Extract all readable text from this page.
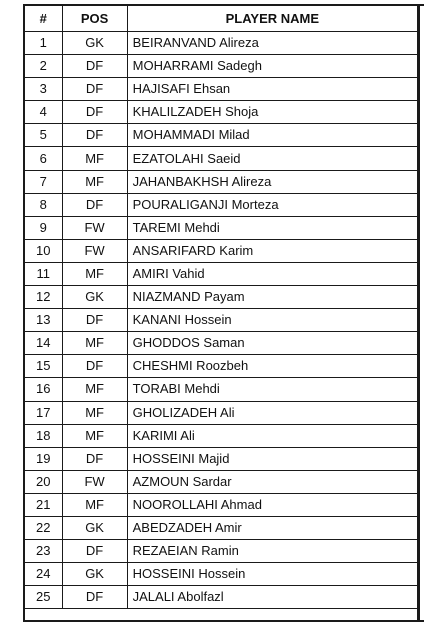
#	POS	PLAYER NAME
1	GK	BEIRANVAND Alireza
2	DF	MOHARRAMI Sadegh
3	DF	HAJISAFI Ehsan
4	DF	KHALILZADEH Shoja
5	DF	MOHAMMADI Milad
6	MF	EZATOLAHI Saeid
7	MF	JAHANBAKHSH Alireza
8	DF	POURALIGANJI Morteza
9	FW	TAREMI Mehdi
10	FW	ANSARIFARD Karim
11	MF	AMIRI Vahid
12	GK	NIAZMAND Payam
13	DF	KANANI Hossein
14	MF	GHODDOS Saman
15	DF	CHESHMI Roozbeh
16	MF	TORABI Mehdi
17	MF	GHOLIZADEH Ali
18	MF	KARIMI Ali
19	DF	HOSSEINI Majid
20	FW	AZMOUN Sardar
21	MF	NOOROLLAHI Ahmad
22	GK	ABEDZADEH Amir
23	DF	REZAEIAN Ramin
24	GK	HOSSEINI Hossein
25	DF	JALALI Abolfazl
